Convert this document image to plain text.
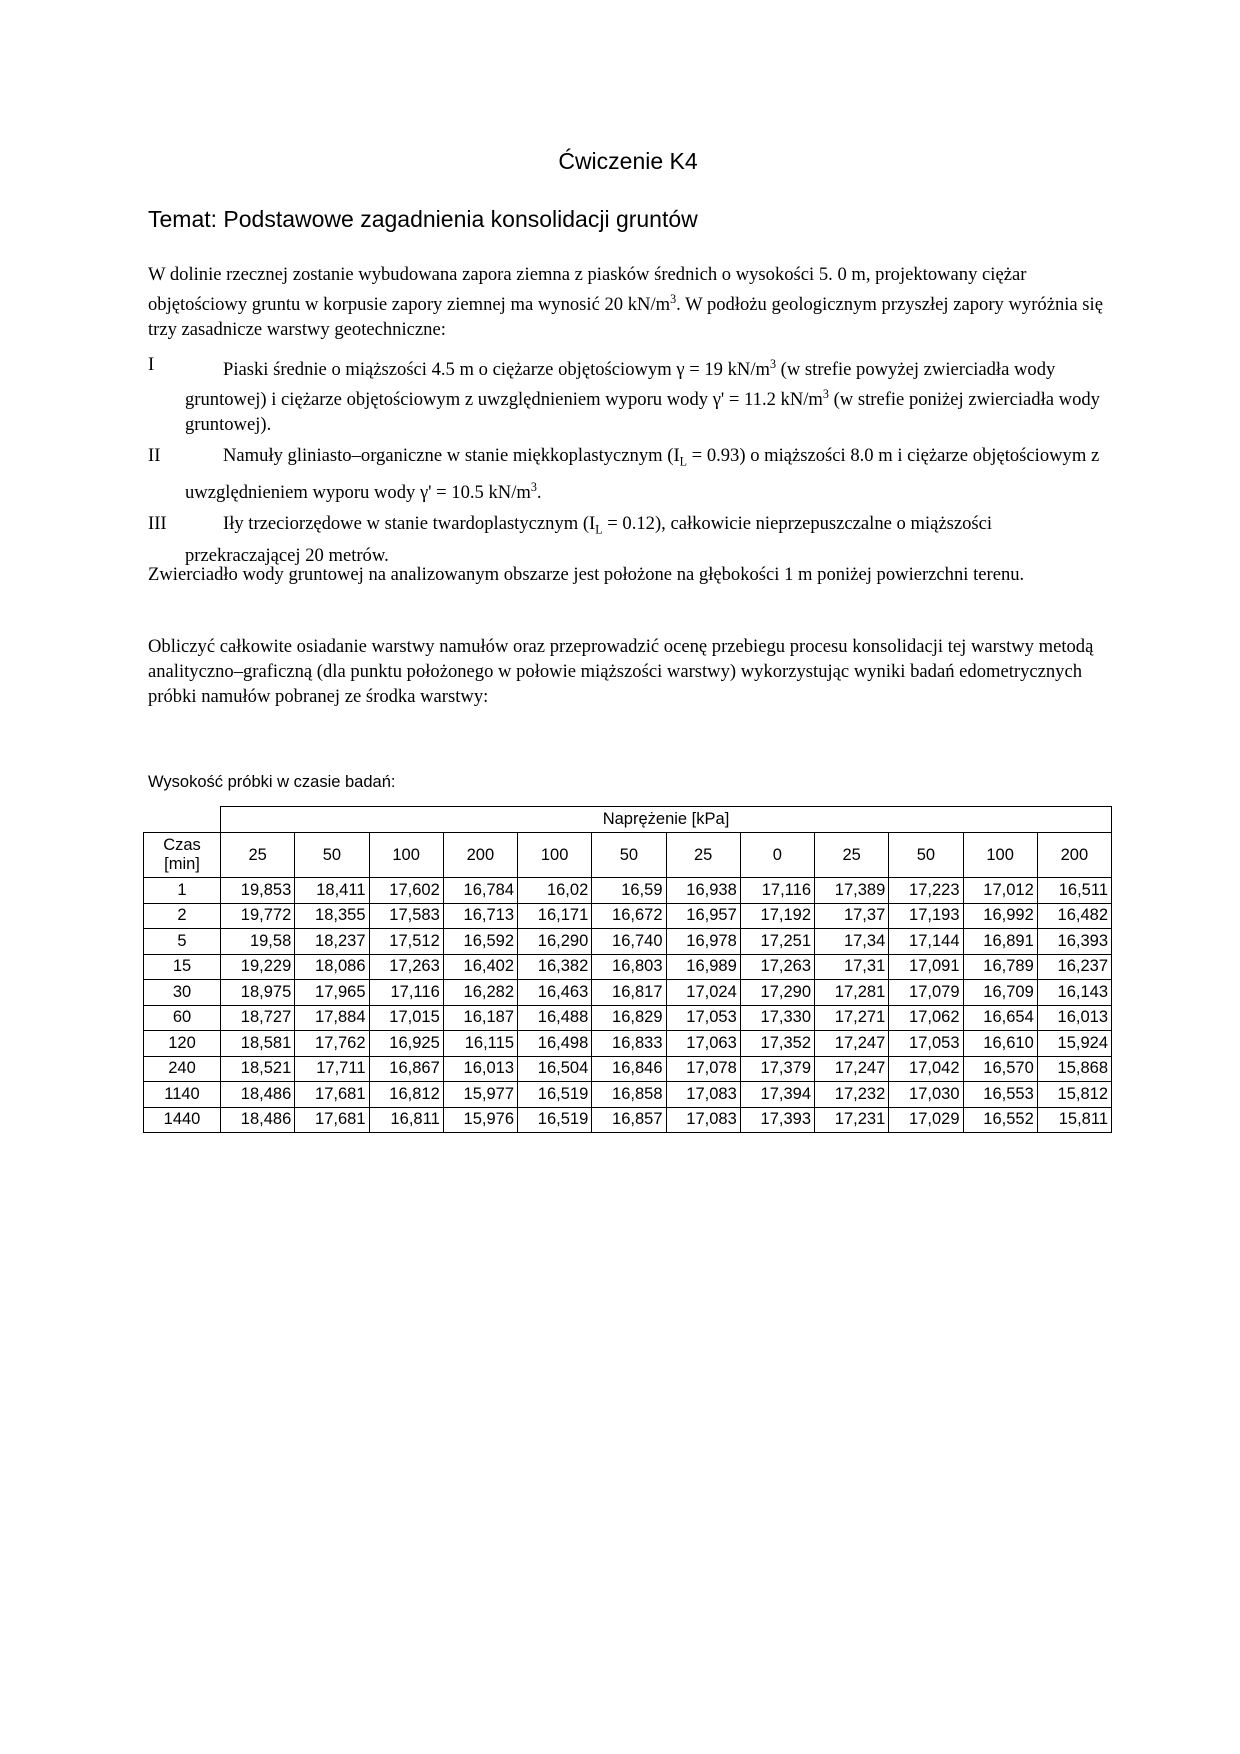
Ćwiczenie K4
Temat: Podstawowe zagadnienia konsolidacji gruntów
W dolinie rzecznej zostanie wybudowana zapora ziemna z piasków średnich o wysokości 5. 0 m, projektowany ciężar objętościowy gruntu w korpusie zapory ziemnej ma wynosić 20 $kN/m^3$. W podłożu geologicznym przyszłej zapory wyróżnia się trzy zasadnicze warstwy geotechniczne:
I	Piaski średnie o miąższości 4.5 m o ciężarze objętościowym γ = 19 $kN/m^3$ (w strefie powyżej zwierciadła wody gruntowej) i ciężarze objętościowym z uwzględnieniem wyporu wody γ' = 11.2 $kN/m^3$ (w strefie poniżej zwierciadła wody gruntowej).
II	Namuły gliniasto–organiczne w stanie miękkoplastycznym $(I_L = 0.93)$ o miąższości 8.0 m i ciężarze objętościowym z uwzględnieniem wyporu wody γ' = 10.5 $kN/m^3$.
III	Iły trzeciorzędowe w stanie twardoplastycznym $(I_L = 0.12)$, całkowicie nieprzepuszczalne o miąższości przekraczającej 20 metrów.
Zwierciadło wody gruntowej na analizowanym obszarze jest położone na głębokości 1 m poniżej powierzchni terenu.
Obliczyć całkowite osiadanie warstwy namułów oraz przeprowadzić ocenę przebiegu procesu konsolidacji tej warstwy metodą analityczno–graficzną (dla punktu położonego w połowie miąższości warstwy) wykorzystując wyniki badań edometrycznych próbki namułów pobranej ze środka warstwy:
Wysokość próbki w czasie badań:
	Naprężenie [kPa]											
Czas
[min]	25	50	100	200	100	50	25	0	25	50	100	200
1	19,853	18,411	17,602	16,784	16,02	16,59	16,938	17,116	17,389	17,223	17,012	16,511
2	19,772	18,355	17,583	16,713	16,171	16,672	16,957	17,192	17,37	17,193	16,992	16,482
5	19,58	18,237	17,512	16,592	16,290	16,740	16,978	17,251	17,34	17,144	16,891	16,393
15	19,229	18,086	17,263	16,402	16,382	16,803	16,989	17,263	17,31	17,091	16,789	16,237
30	18,975	17,965	17,116	16,282	16,463	16,817	17,024	17,290	17,281	17,079	16,709	16,143
60	18,727	17,884	17,015	16,187	16,488	16,829	17,053	17,330	17,271	17,062	16,654	16,013
120	18,581	17,762	16,925	16,115	16,498	16,833	17,063	17,352	17,247	17,053	16,610	15,924
240	18,521	17,711	16,867	16,013	16,504	16,846	17,078	17,379	17,247	17,042	16,570	15,868
1140	18,486	17,681	16,812	15,977	16,519	16,858	17,083	17,394	17,232	17,030	16,553	15,812
1440	18,486	17,681	16,811	15,976	16,519	16,857	17,083	17,393	17,231	17,029	16,552	15,811
